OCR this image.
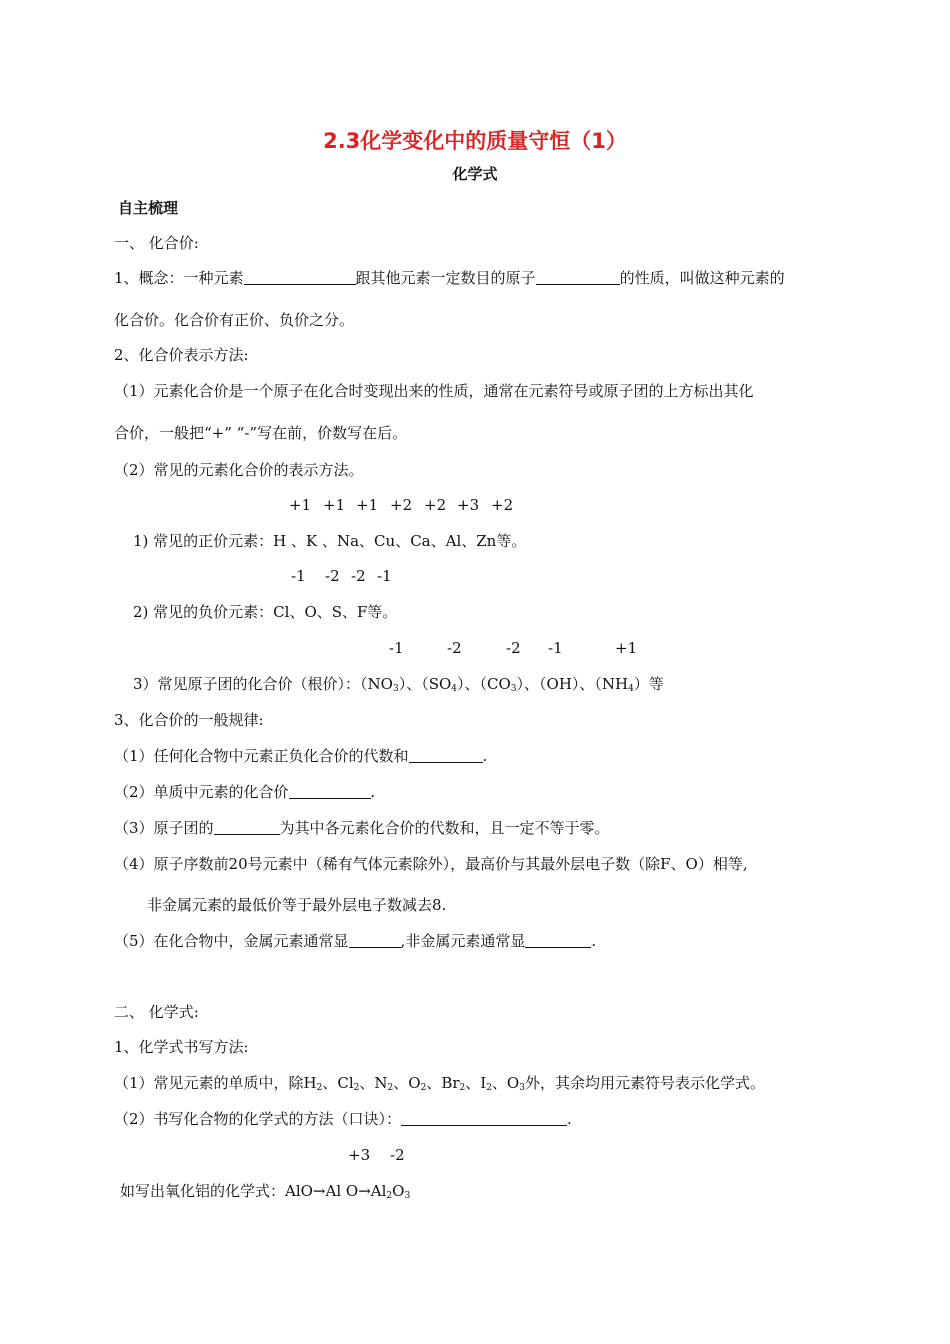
2.3化学变化中的质量守恒（1）
化学式
自主梳理
一、 化合价:
1、概念：一种元素	跟其他元素一定数目的原子	的性质，叫做这种元素的
化合价。化合价有正价、负价之分。
2、化合价表示方法:
（1）元素化合价是一个原子在化合时变现出来的性质，通常在元素符号或原子团的上方标出其化
合价，一般把“+” “-”写在前，价数写在后。
（2）常见的元素化合价的表示方法。
+1 +1 +1 +2 +2 +3 +2
1) 常见的正价元素：H 、K 、Na、Cu、Ca、Al、Zn等。
-1 -2 -2 -1
2) 常见的负价元素：Cl、O、S、F等。
-1	-2	-2 -1	+1
3）常见原子团的化合价（根价）：$(NO_3)$、$(SO_4)$、$(CO_3)$、（OH）、$(NH_4)$等
3、化合价的一般规律:
（1）任何化合物中元素正负化合价的代数和	.
（2）单质中元素的化合价	.
（3）原子团的	为其中各元素化合价的代数和，且一定不等于零。
（4）原子序数前20号元素中（稀有气体元素除外），最高价与其最外层电子数（除F、O）相等,
非金属元素的最低价等于最外层电子数减去8.
（5）在化合物中，金属元素通常显	,非金属元素通常显	.
二、 化学式:
1、化学式书写方法:
（1）常见元素的单质中，除$H_2$、$Cl_2$、$N_2$、$O_2$、$Br_2$、$I_2$、$O_3$外，其余均用元素符号表示化学式。
（2）书写化合物的化学式的方法（口诀）：	.
+3 -2
如写出氧化铝的化学式：AlO→Al $O\to Al_2O_3$
